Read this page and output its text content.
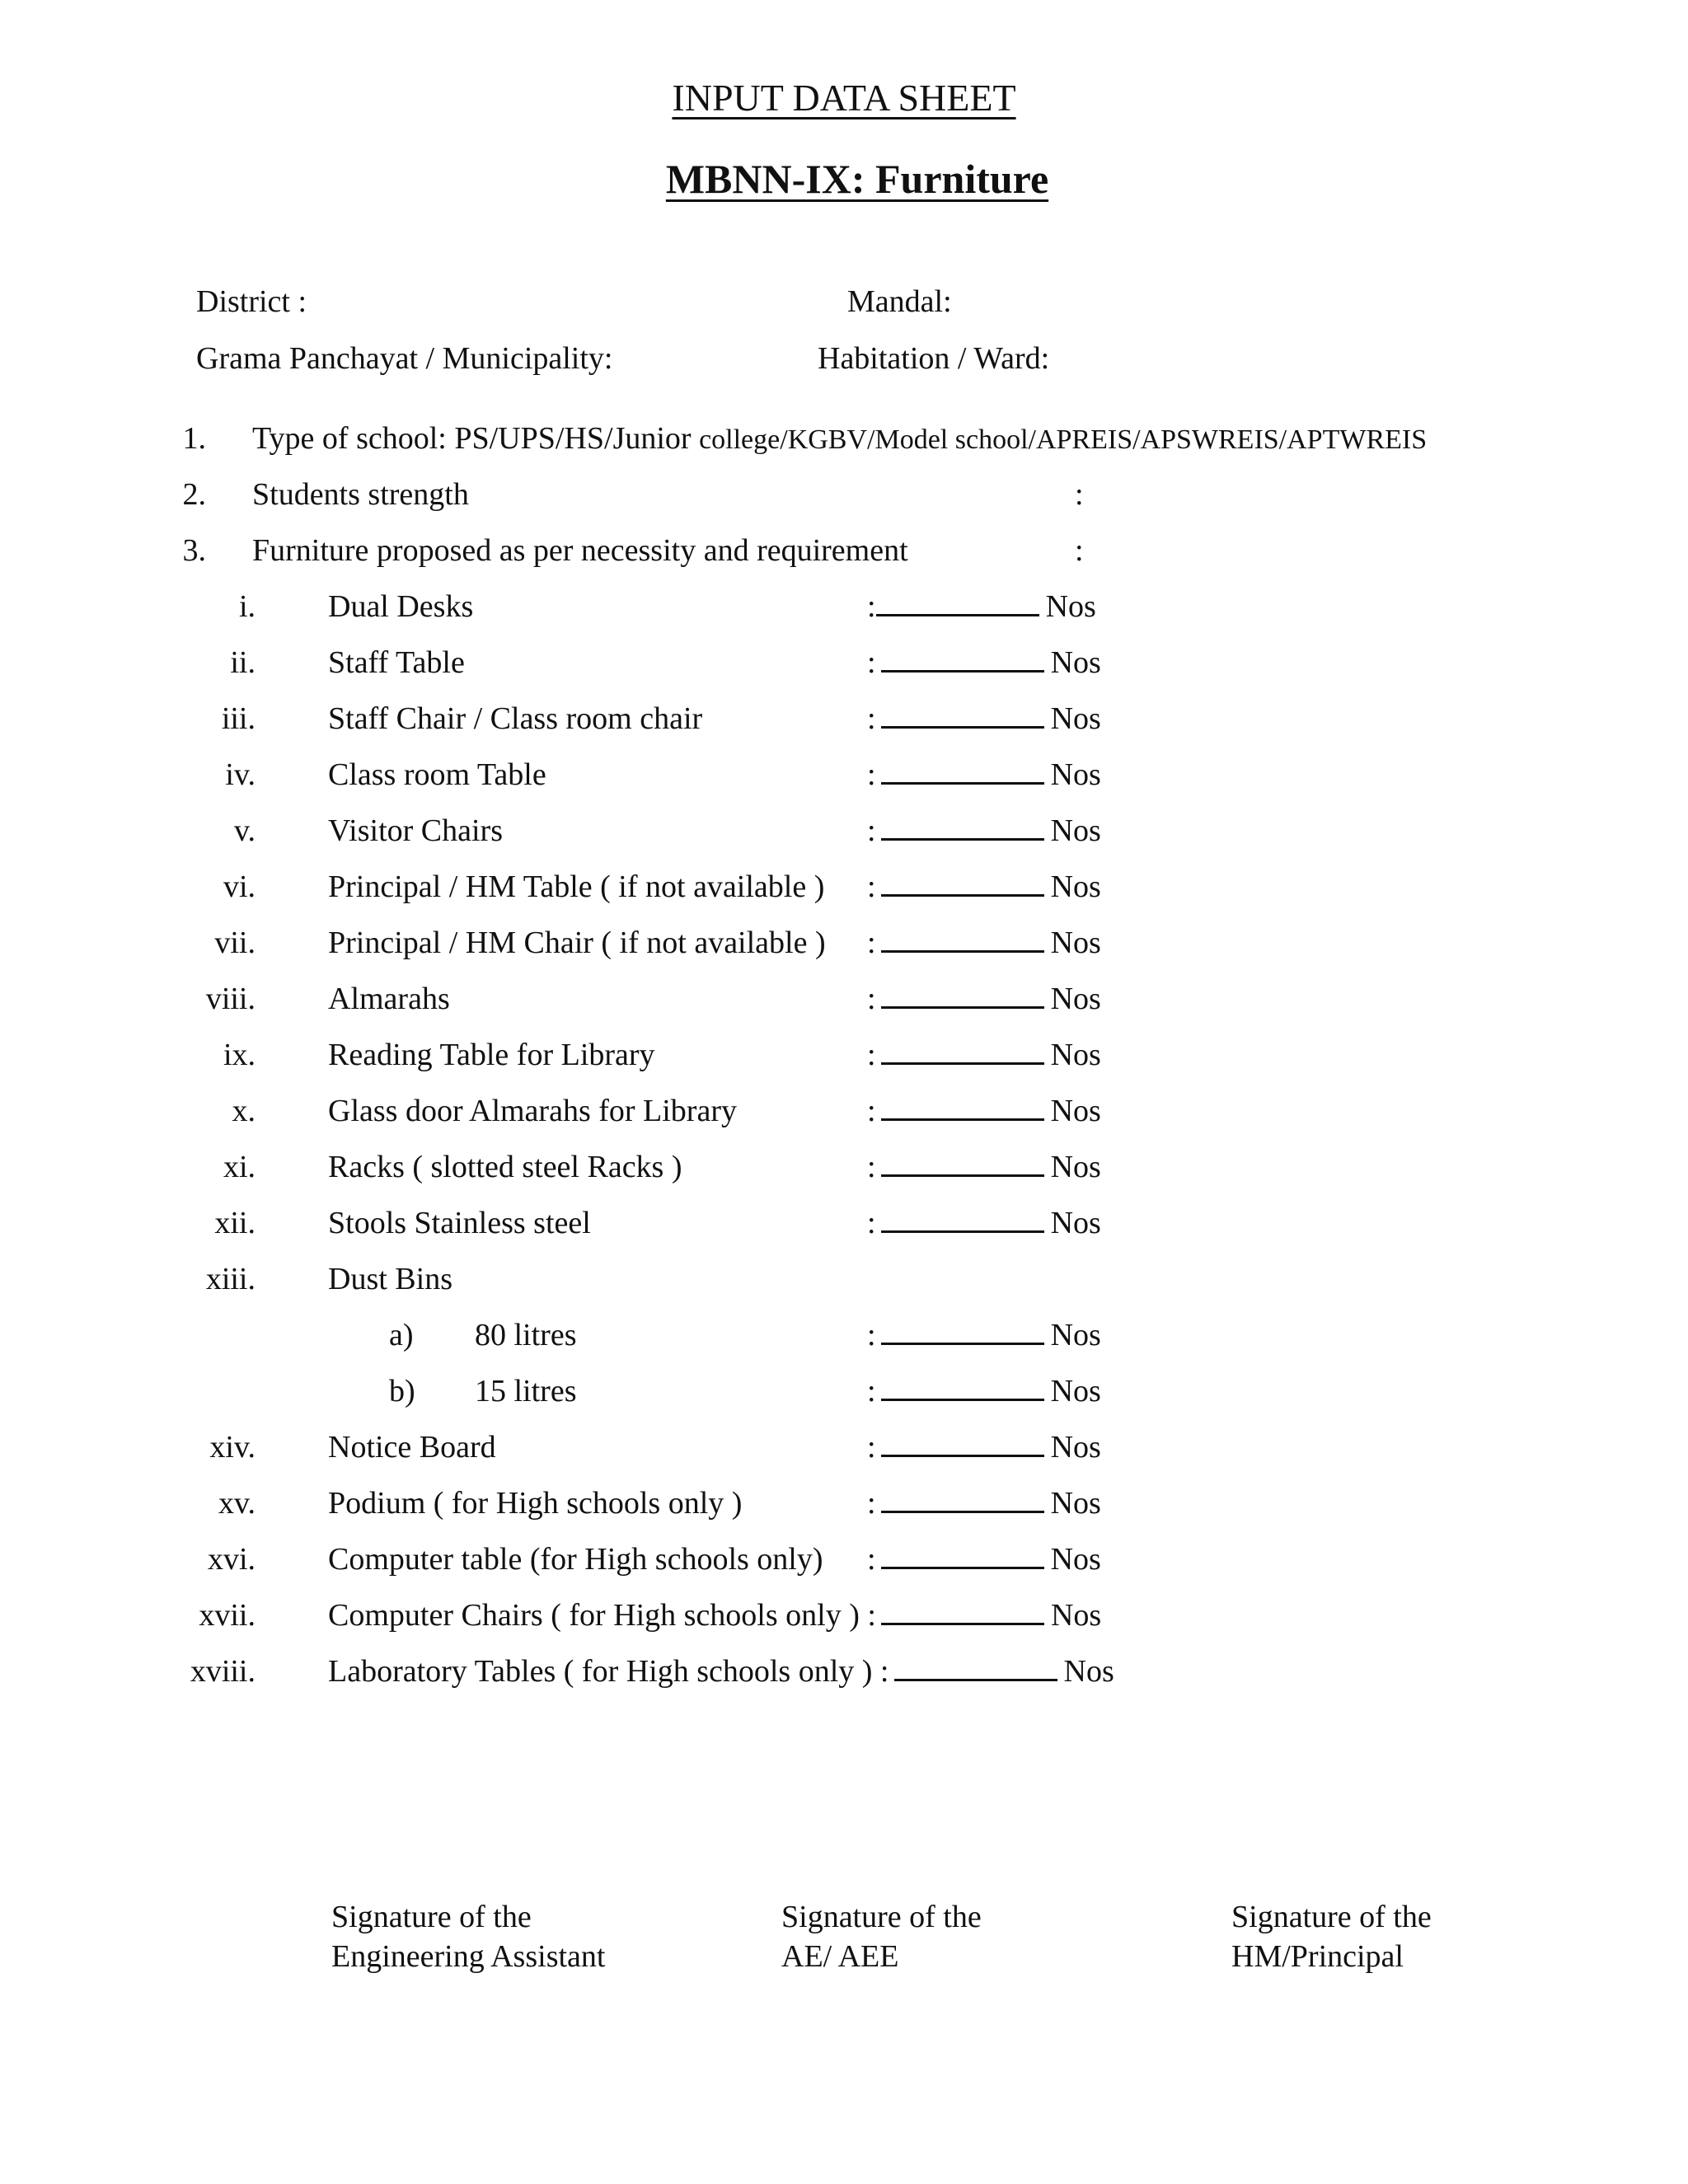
INPUT DATA SHEET
MBNN-IX: Furniture
District :	Mandal:
Grama Panchayat / Municipality:	Habitation / Ward:
1. Type of school: PS/UPS/HS/Junior college/KGBV/Model school/APREIS/APSWREIS/APTWREIS
2. Students strength	:
3. Furniture proposed as per necessity and requirement	:
i. Dual Desks	:	Nos
ii. Staff Table	:	Nos
iii. Staff Chair / Class room chair	:	Nos
iv. Class room Table	:	Nos
v. Visitor Chairs	:	Nos
vi. Principal / HM Table ( if not available ) :	Nos
vii. Principal / HM Chair ( if not available ) :	Nos
viii. Almarahs	:	Nos
ix. Reading Table for Library	:	Nos
x. Glass door Almarahs for Library	:	Nos
xi. Racks ( slotted steel Racks )	:	Nos
xii. Stools Stainless steel	:	Nos
xiii. Dust Bins
a) 80 litres	:	Nos
b) 15 litres	:	Nos
xiv. Notice Board	:	Nos
xv. Podium ( for High schools only )	:	Nos
xvi. Computer table (for High schools only) :	Nos
xvii. Computer Chairs ( for High schools only ) :	Nos
xviii. Laboratory Tables ( for High schools only ) :	Nos
Signature of the
Engineering Assistant
Signature of the
AE/ AEE
Signature of the
HM/Principal
